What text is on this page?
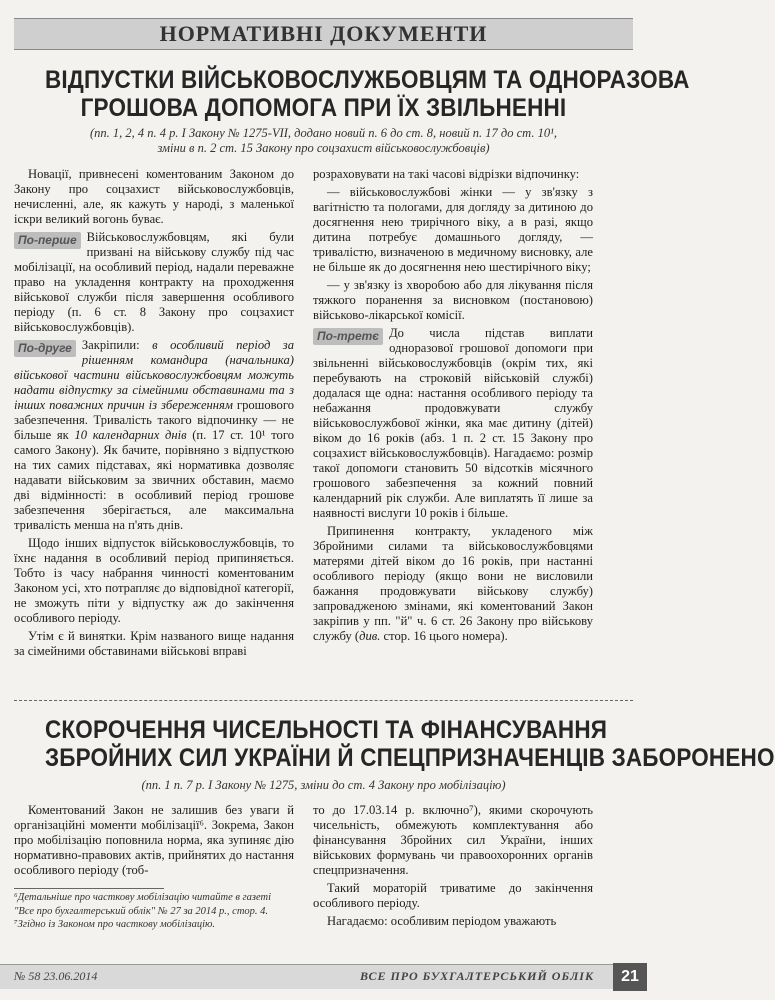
НОРМАТИВНІ ДОКУМЕНТИ
ВІДПУСТКИ ВІЙСЬКОВОСЛУЖБОВЦЯМ ТА ОДНОРАЗОВА
ГРОШОВА ДОПОМОГА ПРИ ЇХ ЗВІЛЬНЕННІ
(пп. 1, 2, 4 п. 4 р. І Закону № 1275-VII, додано новий п. 6 до ст. 8, новий п. 17 до ст. 10¹,
зміни в п. 2 ст. 15 Закону про соцзахист військовослужбовців)

Новації, привнесені коментованим Законом до Закону про соцзахист військовослужбовців, нечисленні, але, як кажуть у народі, з маленької іскри великий вогонь буває.

По-перше Військовослужбовцям, які були призвані на військову службу під час мобілізації, на особливий період, надали переважне право на укладення контракту на проходження військової служби після завершення особливого періоду (п. 6 ст. 8 Закону про соцзахист військовослужбовців).

По-друге Закріпили: в особливий період за рішенням командира (начальника) військової частини військовослужбовцям можуть надати відпустку за сімейними обставинами та з інших поважних причин із збереженням грошового забезпечення. Тривалість такого відпочинку — не більше як 10 календарних днів (п. 17 ст. 10¹ того самого Закону). Як бачите, порівняно з відпусткою на тих самих підставах, які нормативка дозволяє надавати військовим за звичних обставин, маємо дві відмінності: в особливий період грошове забезпечення зберігається, але максимальна тривалість менша на п'ять днів.

Щодо інших відпусток військовослужбовців, то їхнє надання в особливий період припиняється. Тобто із часу набрання чинності коментованим Законом усі, хто потрапляє до відповідної категорії, не зможуть піти у відпустку аж до закінчення особливого періоду.

Утім є й винятки. Крім названого вище надання за сімейними обставинами військові вправі

розраховувати на такі часові відрізки відпочинку:

— військовослужбові жінки — у зв'язку з вагітністю та пологами, для догляду за дитиною до досягнення нею трирічного віку, а в разі, якщо дитина потребує домашнього догляду, — тривалістю, визначеною в медичному висновку, але не більше як до досягнення нею шестирічного віку;

— у зв'язку із хворобою або для лікування після тяжкого поранення за висновком (постановою) військово-лікарської комісії.

По-третє До числа підстав виплати одноразової грошової допомоги при звільненні військовослужбовців (окрім тих, які перебувають на строковій військовій службі) додалася ще одна: настання особливого періоду та небажання продовжувати службу військовослужбової жінки, яка має дитину (дітей) віком до 16 років (абз. 1 п. 2 ст. 15 Закону про соцзахист військовослужбовців). Нагадаємо: розмір такої допомоги становить 50 відсотків місячного грошового забезпечення за кожний повний календарний рік служби. Але виплатять її лише за наявності вислуги 10 років і більше.

Припинення контракту, укладеного між Збройними силами та військовослужбовцями матерями дітей віком до 16 років, при настанні особливого періоду (якщо вони не висловили бажання продовжувати військову службу) запровадженою змінами, які коментований Закон закріпив у пп. "й" ч. 6 ст. 26 Закону про військову службу (див. стор. 16 цього номера).

СКОРОЧЕННЯ ЧИСЕЛЬНОСТІ ТА ФІНАНСУВАННЯ
ЗБРОЙНИХ СИЛ УКРАЇНИ Й СПЕЦПРИЗНАЧЕНЦІВ ЗАБОРОНЕНО
(пп. 1 п. 7 р. І Закону № 1275, зміни до ст. 4 Закону про мобілізацію)

Коментований Закон не залишив без уваги й організаційні моменти мобілізації⁶. Зокрема, Закон про мобілізацію поповнила норма, яка зупиняє дію нормативно-правових актів, прийнятих до настання особливого періоду (тоб-

⁶Детальніше про часткову мобілізацію читайте в газеті
"Все про бухгалтерський облік" № 27 за 2014 р., стор. 4.
⁷Згідно із Законом про часткову мобілізацію.

то до 17.03.14 р. включно⁷), якими скорочують чисельність, обмежують комплектування або фінансування Збройних сил України, інших військових формувань чи правоохоронних органів спецпризначення.

Такий мораторій триватиме до закінчення особливого періоду.

Нагадаємо: особливим періодом уважають

№ 58 23.06.2014	ВСЕ ПРО БУХГАЛТЕРСЬКИЙ ОБЛІК	21
